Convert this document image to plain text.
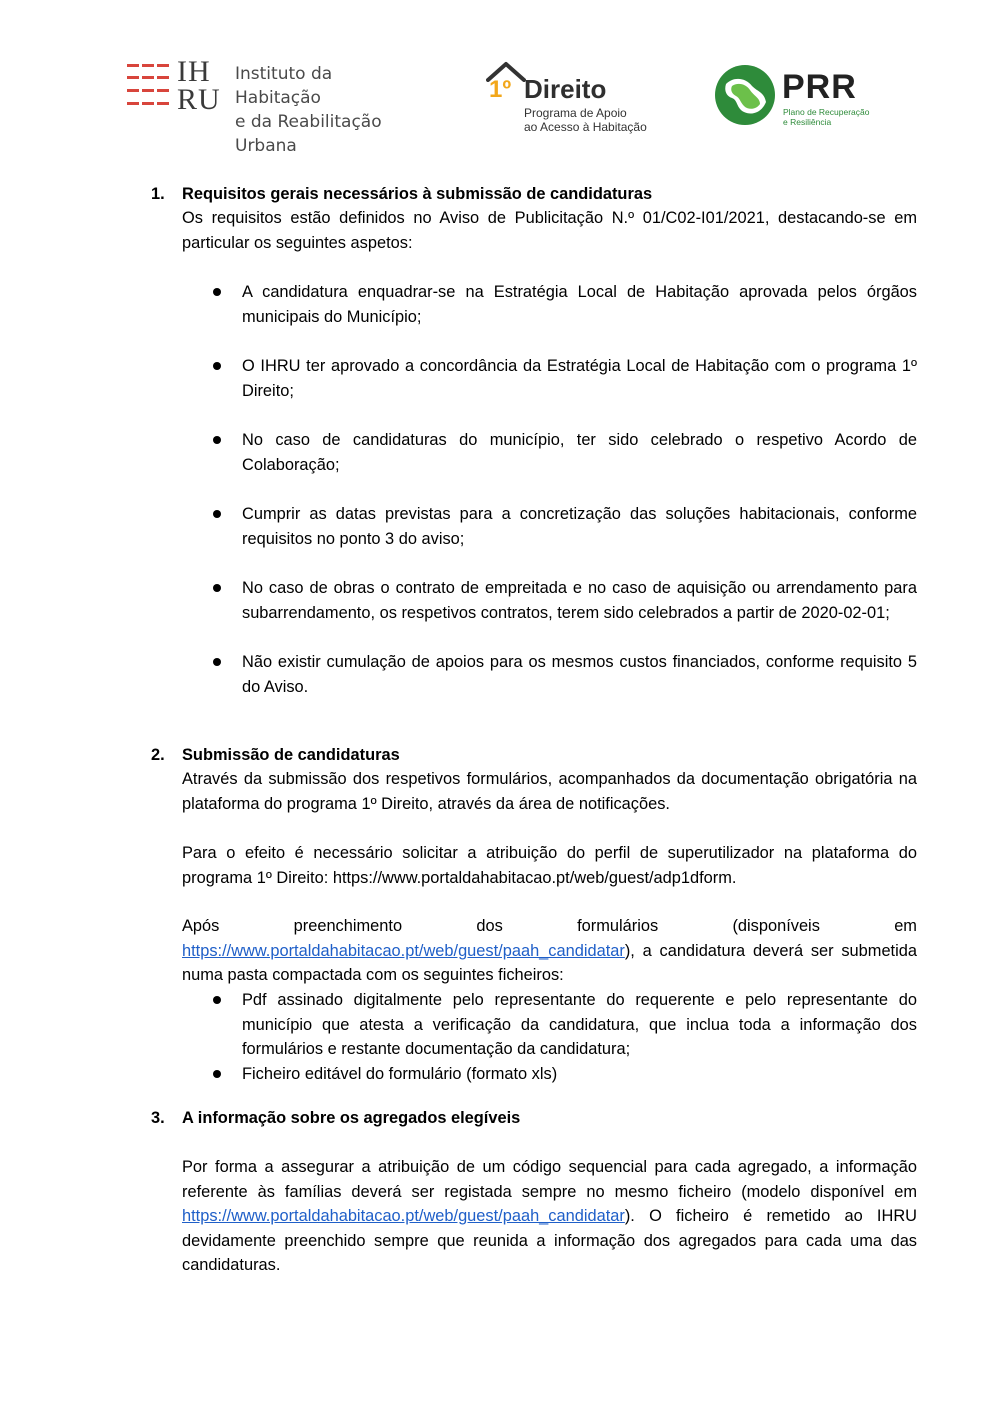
IH
RU
Instituto da Habitação
e da Reabilitação Urbana
1º Direito
Programa de Apoio
ao Acesso à Habitação
PRR
Plano de Recuperação
e Resiliência
1. Requisitos gerais necessários à submissão de candidaturas
Os requisitos estão definidos no Aviso de Publicitação N.º 01/C02-I01/2021, destacando-se em particular os seguintes aspetos:
A candidatura enquadrar-se na Estratégia Local de Habitação aprovada pelos órgãos municipais do Município;
O IHRU ter aprovado a concordância da Estratégia Local de Habitação com o programa 1º Direito;
No caso de candidaturas do município, ter sido celebrado o respetivo Acordo de Colaboração;
Cumprir as datas previstas para a concretização das soluções habitacionais, conforme requisitos no ponto 3 do aviso;
No caso de obras o contrato de empreitada e no caso de aquisição ou arrendamento para subarrendamento, os respetivos contratos, terem sido celebrados a partir de 2020-02-01;
Não existir cumulação de apoios para os mesmos custos financiados, conforme requisito 5 do Aviso.
2. Submissão de candidaturas
Através da submissão dos respetivos formulários, acompanhados da documentação obrigatória na plataforma do programa 1º Direito, através da área de notificações.
Para o efeito é necessário solicitar a atribuição do perfil de superutilizador na plataforma do programa 1º Direito: https://www.portaldahabitacao.pt/web/guest/adp1dform.
Após	preenchimento	dos	formulários	(disponíveis	em
https://www.portaldahabitacao.pt/web/guest/paah_candidatar), a candidatura deverá ser submetida numa pasta compactada com os seguintes ficheiros:
Pdf assinado digitalmente pelo representante do requerente e pelo representante do município que atesta a verificação da candidatura, que inclua toda a informação dos formulários e restante documentação da candidatura;
Ficheiro editável do formulário (formato xls)
3. A informação sobre os agregados elegíveis
Por forma a assegurar a atribuição de um código sequencial para cada agregado, a informação referente às famílias deverá ser registada sempre no mesmo ficheiro (modelo disponível em https://www.portaldahabitacao.pt/web/guest/paah_candidatar). O ficheiro é remetido ao IHRU devidamente preenchido sempre que reunida a informação dos agregados para cada uma das candidaturas.
